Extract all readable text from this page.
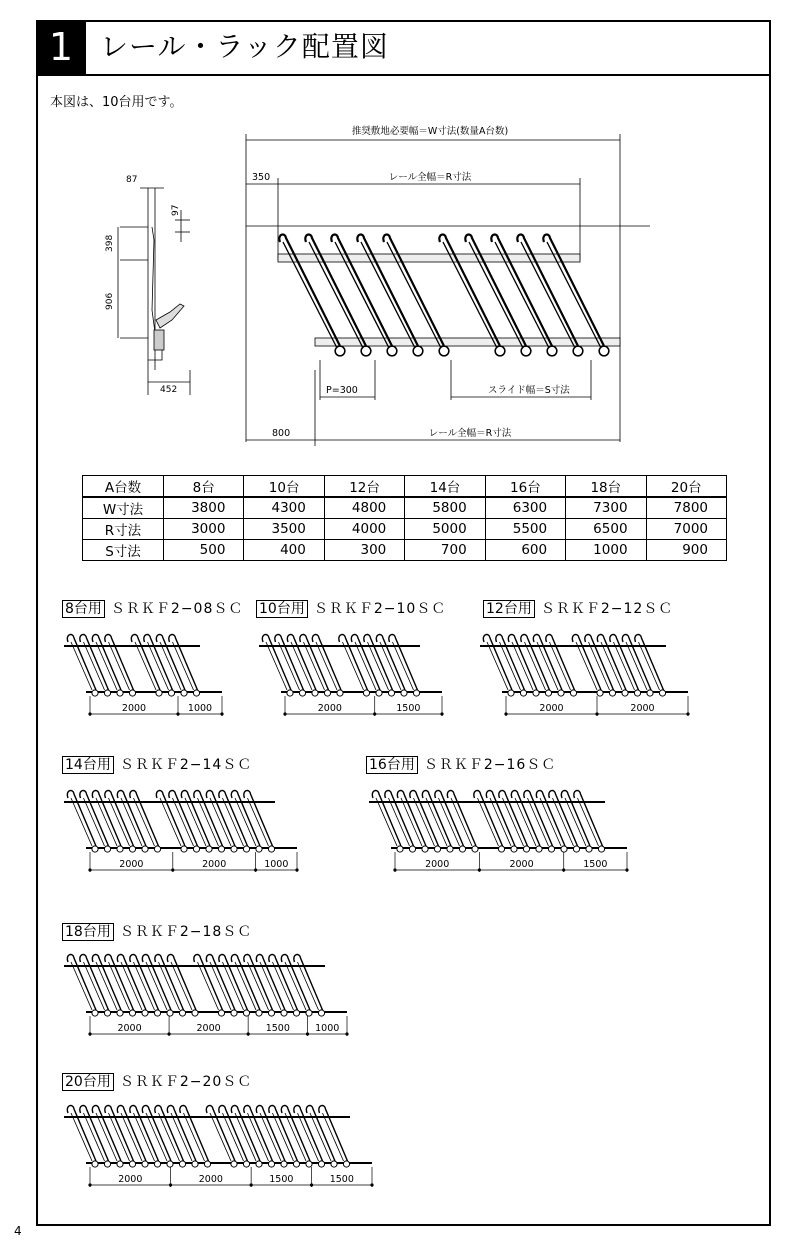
1 レール・ラック配置図
本図は、10台用です。
87
97
398
906
452
推奨敷地必要幅＝W寸法(数量A台数)
レール全幅＝R寸法
350
800	レール全幅＝R寸法
P=300	スライド幅＝S寸法
A台数	8台	10台	12台	14台	16台	18台	20台
W寸法	3800	4300	4800	5800	6300	7300	7800
R寸法	3000	3500	4000	5000	5500	6500	7000
S寸法	500	400	300	700	600	1000	900
8台用 ＳＲＫＦ2−08ＳＣ 10台用 ＳＲＫＦ2−10ＳＣ	12台用 ＳＲＫＦ2−12ＳＣ
14台用 ＳＲＫＦ2−14ＳＣ	16台用 ＳＲＫＦ2−16ＳＣ
18台用 ＳＲＫＦ2−18ＳＣ
20台用 ＳＲＫＦ2−20ＳＣ
2000	1000	2000	1500	2000	2000
2000	2000	1000	2000	2000	1500
2000	2000	1500	1000
2000	2000	1500	1500
4
